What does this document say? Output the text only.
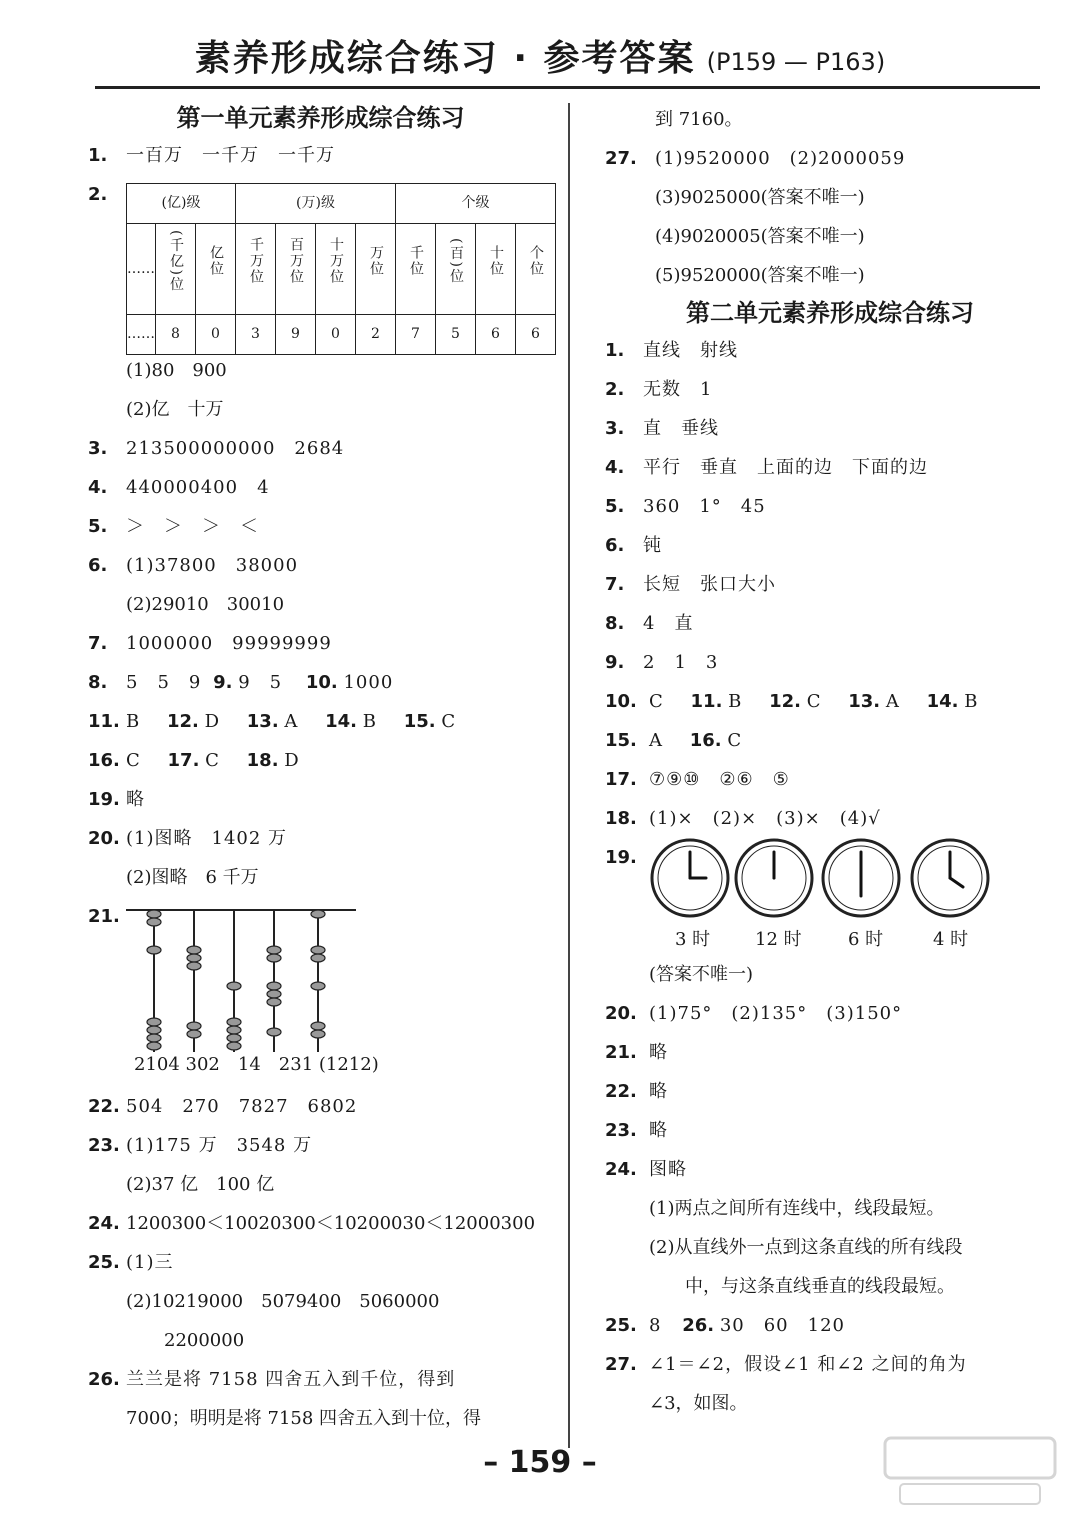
素养形成综合练习 · 参考答案 (P159 — P163)
第一单元素养形成综合练习
1. 一百万　一千万　一千万
2.	(亿)级			(万)级				个级			
……	(千亿)位	亿位	千万位	百万位	十万位	万位	千位	(百)位	十位	个位
……	8	0	3	9	0	2	7	5	6	6
(1)80　900
(2)亿　十万
3. 213500000000　2684
4. 440000400　4
5. ＞　＞　＞　＜
6. (1)37800　38000
(2)29010　30010
7. 1000000　99999999
8. 5　5　9 9. 9　5 10. 1000
11. B 12. D 13. A 14. B 15. C
16. C 17. C 18. D
19. 略
20. (1)图略　1402 万
(2)图略　6 千万
21.
2104 302　14　231 (1212)
22. 504　270　7827　6802
23. (1)175 万　3548 万
(2)37 亿　100 亿
24. 1200300＜10020300＜10200030＜12000300
25. (1)三
(2)10219000　5079400　5060000
2200000
26. 兰兰是将 7158 四舍五入到千位，得到
7000；明明是将 7158 四舍五入到十位，得
到 7160。
27. (1)9520000　(2)2000059
(3)9025000(答案不唯一)
(4)9020005(答案不唯一)
(5)9520000(答案不唯一)
第二单元素养形成综合练习
1. 直线　射线
2. 无数　1
3. 直　垂线
4. 平行　垂直　上面的边　下面的边
5. 360　1°　45
6. 钝
7. 长短　张口大小
8. 4　直
9. 2　1　3
10. C 11. B 12. C 13. A 14. B
15. A 16. C
17. ⑦⑨⑩　②⑥　⑤
18. (1)×　(2)×　(3)×　(4)√
19.
3 时 12 时	6 时	4 时
(答案不唯一)
20. (1)75°　(2)135°　(3)150°
21. 略
22. 略
23. 略
24. 图略
(1)两点之间所有连线中，线段最短。
(2)从直线外一点到这条直线的所有线段
中，与这条直线垂直的线段最短。
25. 8 26. 30　60　120
27. ∠1＝∠2，假设∠1 和∠2 之间的角为
∠3，如图。
– 159 –
